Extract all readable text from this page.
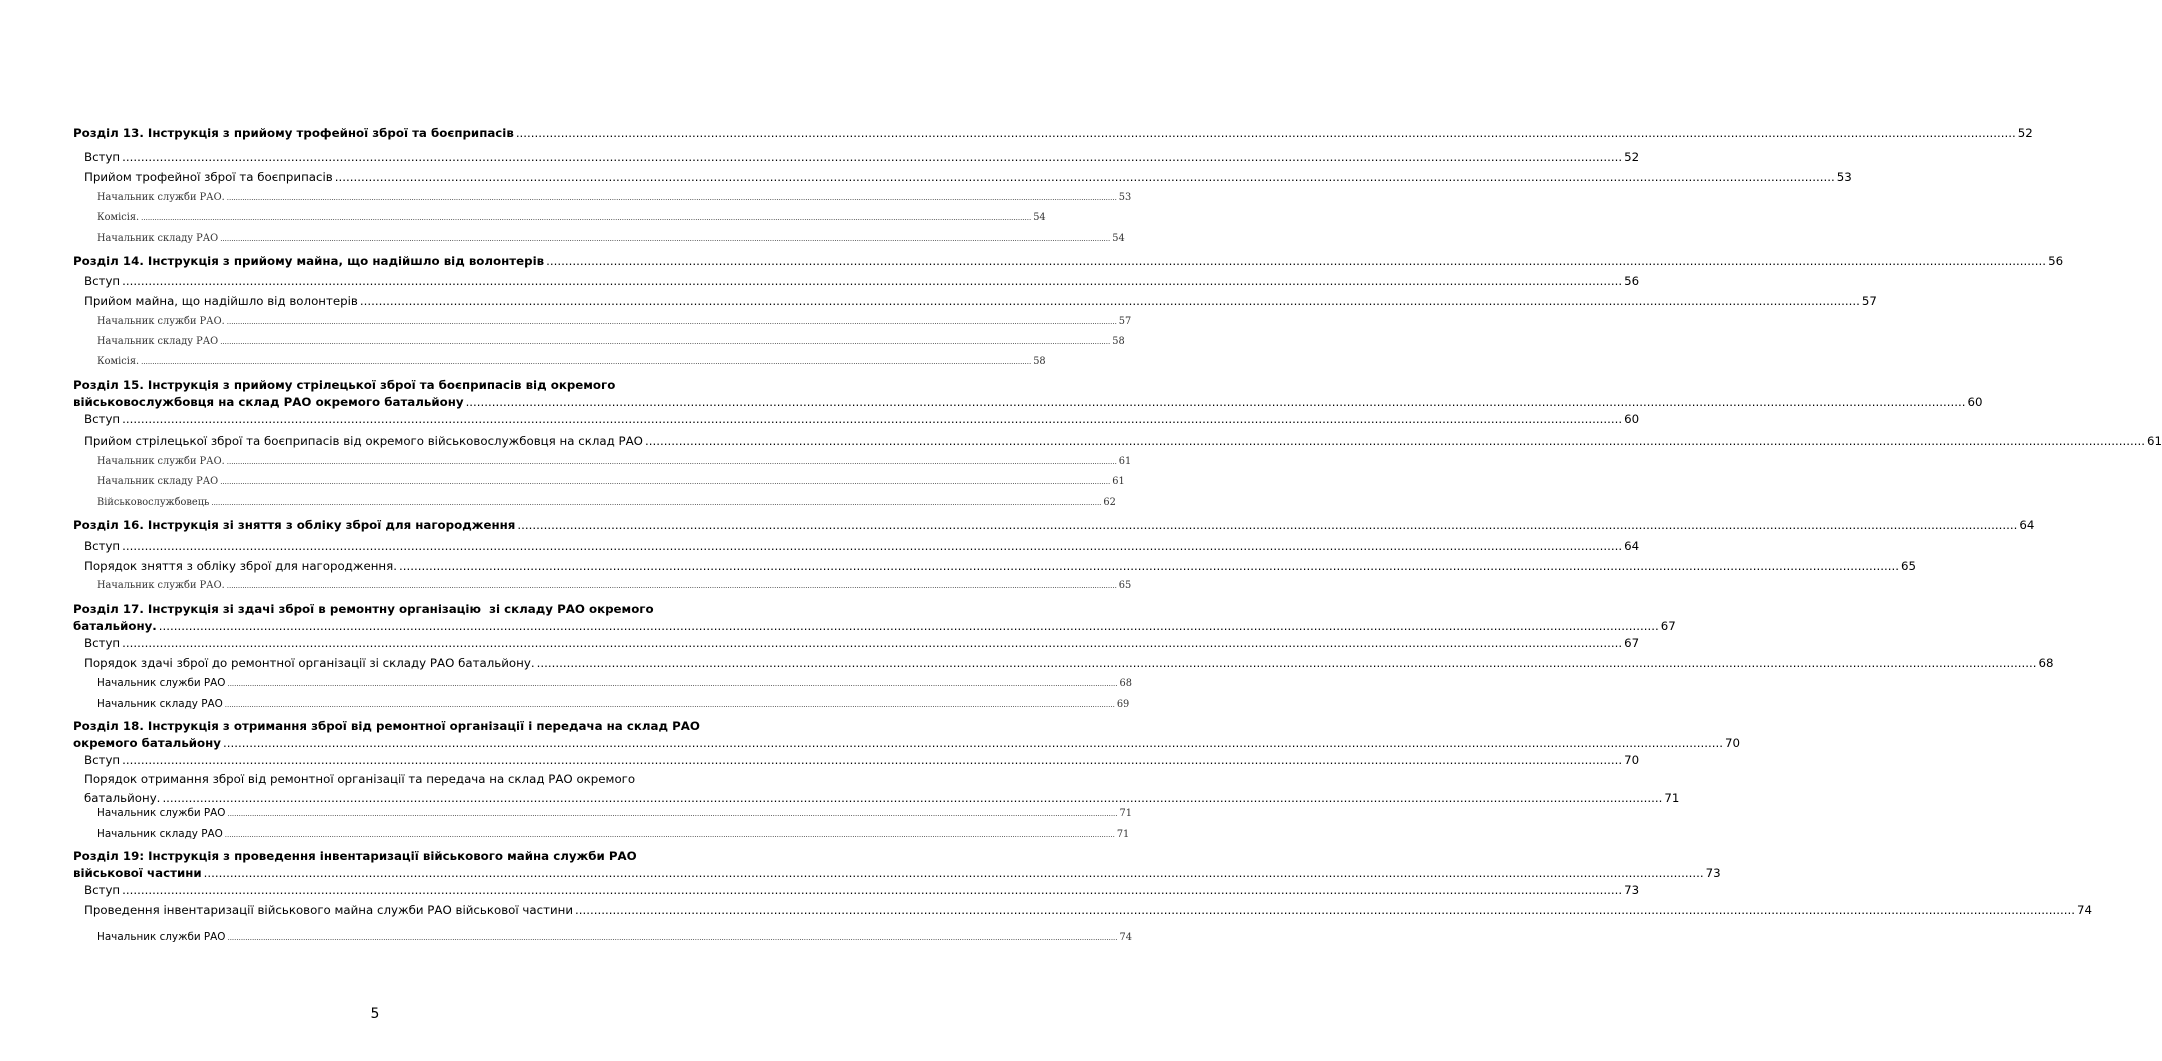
Розділ 13. Інструкція з прийому трофейної зброї та боєприпасів ................................................................................................................................................................................................................................................................................................................................................................................................................ 52
Вступ ................................................................................................................................................................................................................................................................................................................................................................................................................ 52
Прийом трофейної зброї та боєприпасів ................................................................................................................................................................................................................................................................................................................................................................................................................ 53
Начальник служби РАО. ................................................................................................................................................................................................................................................................................................................................................................................................................ 53
Комісія. ................................................................................................................................................................................................................................................................................................................................................................................................................ 54
Начальник складу РАО ................................................................................................................................................................................................................................................................................................................................................................................................................ 54
Розділ 14. Інструкція з прийому майна, що надійшло від волонтерів ................................................................................................................................................................................................................................................................................................................................................................................................................ 56
Вступ ................................................................................................................................................................................................................................................................................................................................................................................................................ 56
Прийом майна, що надійшло від волонтерів ................................................................................................................................................................................................................................................................................................................................................................................................................ 57
Начальник служби РАО. ................................................................................................................................................................................................................................................................................................................................................................................................................ 57
Начальник складу РАО ................................................................................................................................................................................................................................................................................................................................................................................................................ 58
Комісія. ................................................................................................................................................................................................................................................................................................................................................................................................................ 58
Розділ 15. Інструкція з прийому стрілецької зброї та боєприпасів від окремого
військовослужбовця на склад РАО окремого батальйону ................................................................................................................................................................................................................................................................................................................................................................................................................ 60
Вступ ................................................................................................................................................................................................................................................................................................................................................................................................................ 60
Прийом стрілецької зброї та боєприпасів від окремого військовослужбовця на склад РАО ................................................................................................................................................................................................................................................................................................................................................................................................................ 61
Начальник служби РАО. ................................................................................................................................................................................................................................................................................................................................................................................................................ 61
Начальник складу РАО ................................................................................................................................................................................................................................................................................................................................................................................................................ 61
Військовослужбовець ................................................................................................................................................................................................................................................................................................................................................................................................................ 62
Розділ 16. Інструкція зі зняття з обліку зброї для нагородження ................................................................................................................................................................................................................................................................................................................................................................................................................ 64
Вступ ................................................................................................................................................................................................................................................................................................................................................................................................................ 64
Порядок зняття з обліку зброї для нагородження. ................................................................................................................................................................................................................................................................................................................................................................................................................ 65
Начальник служби РАО. ................................................................................................................................................................................................................................................................................................................................................................................................................ 65
Розділ 17. Інструкція зі здачі зброї в ремонтну організацію  зі складу РАО окремого
батальйону. ................................................................................................................................................................................................................................................................................................................................................................................................................ 67
Вступ ................................................................................................................................................................................................................................................................................................................................................................................................................ 67
Порядок здачі зброї до ремонтної організації зі складу РАО батальйону. ................................................................................................................................................................................................................................................................................................................................................................................................................ 68
Начальник служби РАО ................................................................................................................................................................................................................................................................................................................................................................................................................ 68
Начальник складу РАО ................................................................................................................................................................................................................................................................................................................................................................................................................ 69
Розділ 18. Інструкція з отримання зброї від ремонтної організації і передача на склад РАО
окремого батальйону ................................................................................................................................................................................................................................................................................................................................................................................................................ 70
Вступ ................................................................................................................................................................................................................................................................................................................................................................................................................ 70
Порядок отримання зброї від ремонтної організації та передача на склад РАО окремого
батальйону. ................................................................................................................................................................................................................................................................................................................................................................................................................ 71
Начальник служби РАО ................................................................................................................................................................................................................................................................................................................................................................................................................ 71
Начальник складу РАО ................................................................................................................................................................................................................................................................................................................................................................................................................ 71
Розділ 19: Інструкція з проведення інвентаризації військового майна служби РАО
військової частини ................................................................................................................................................................................................................................................................................................................................................................................................................ 73
Вступ ................................................................................................................................................................................................................................................................................................................................................................................................................ 73
Проведення інвентаризації військового майна служби РАО військової частини ................................................................................................................................................................................................................................................................................................................................................................................................................ 74
Начальник служби РАО ................................................................................................................................................................................................................................................................................................................................................................................................................ 74
5
